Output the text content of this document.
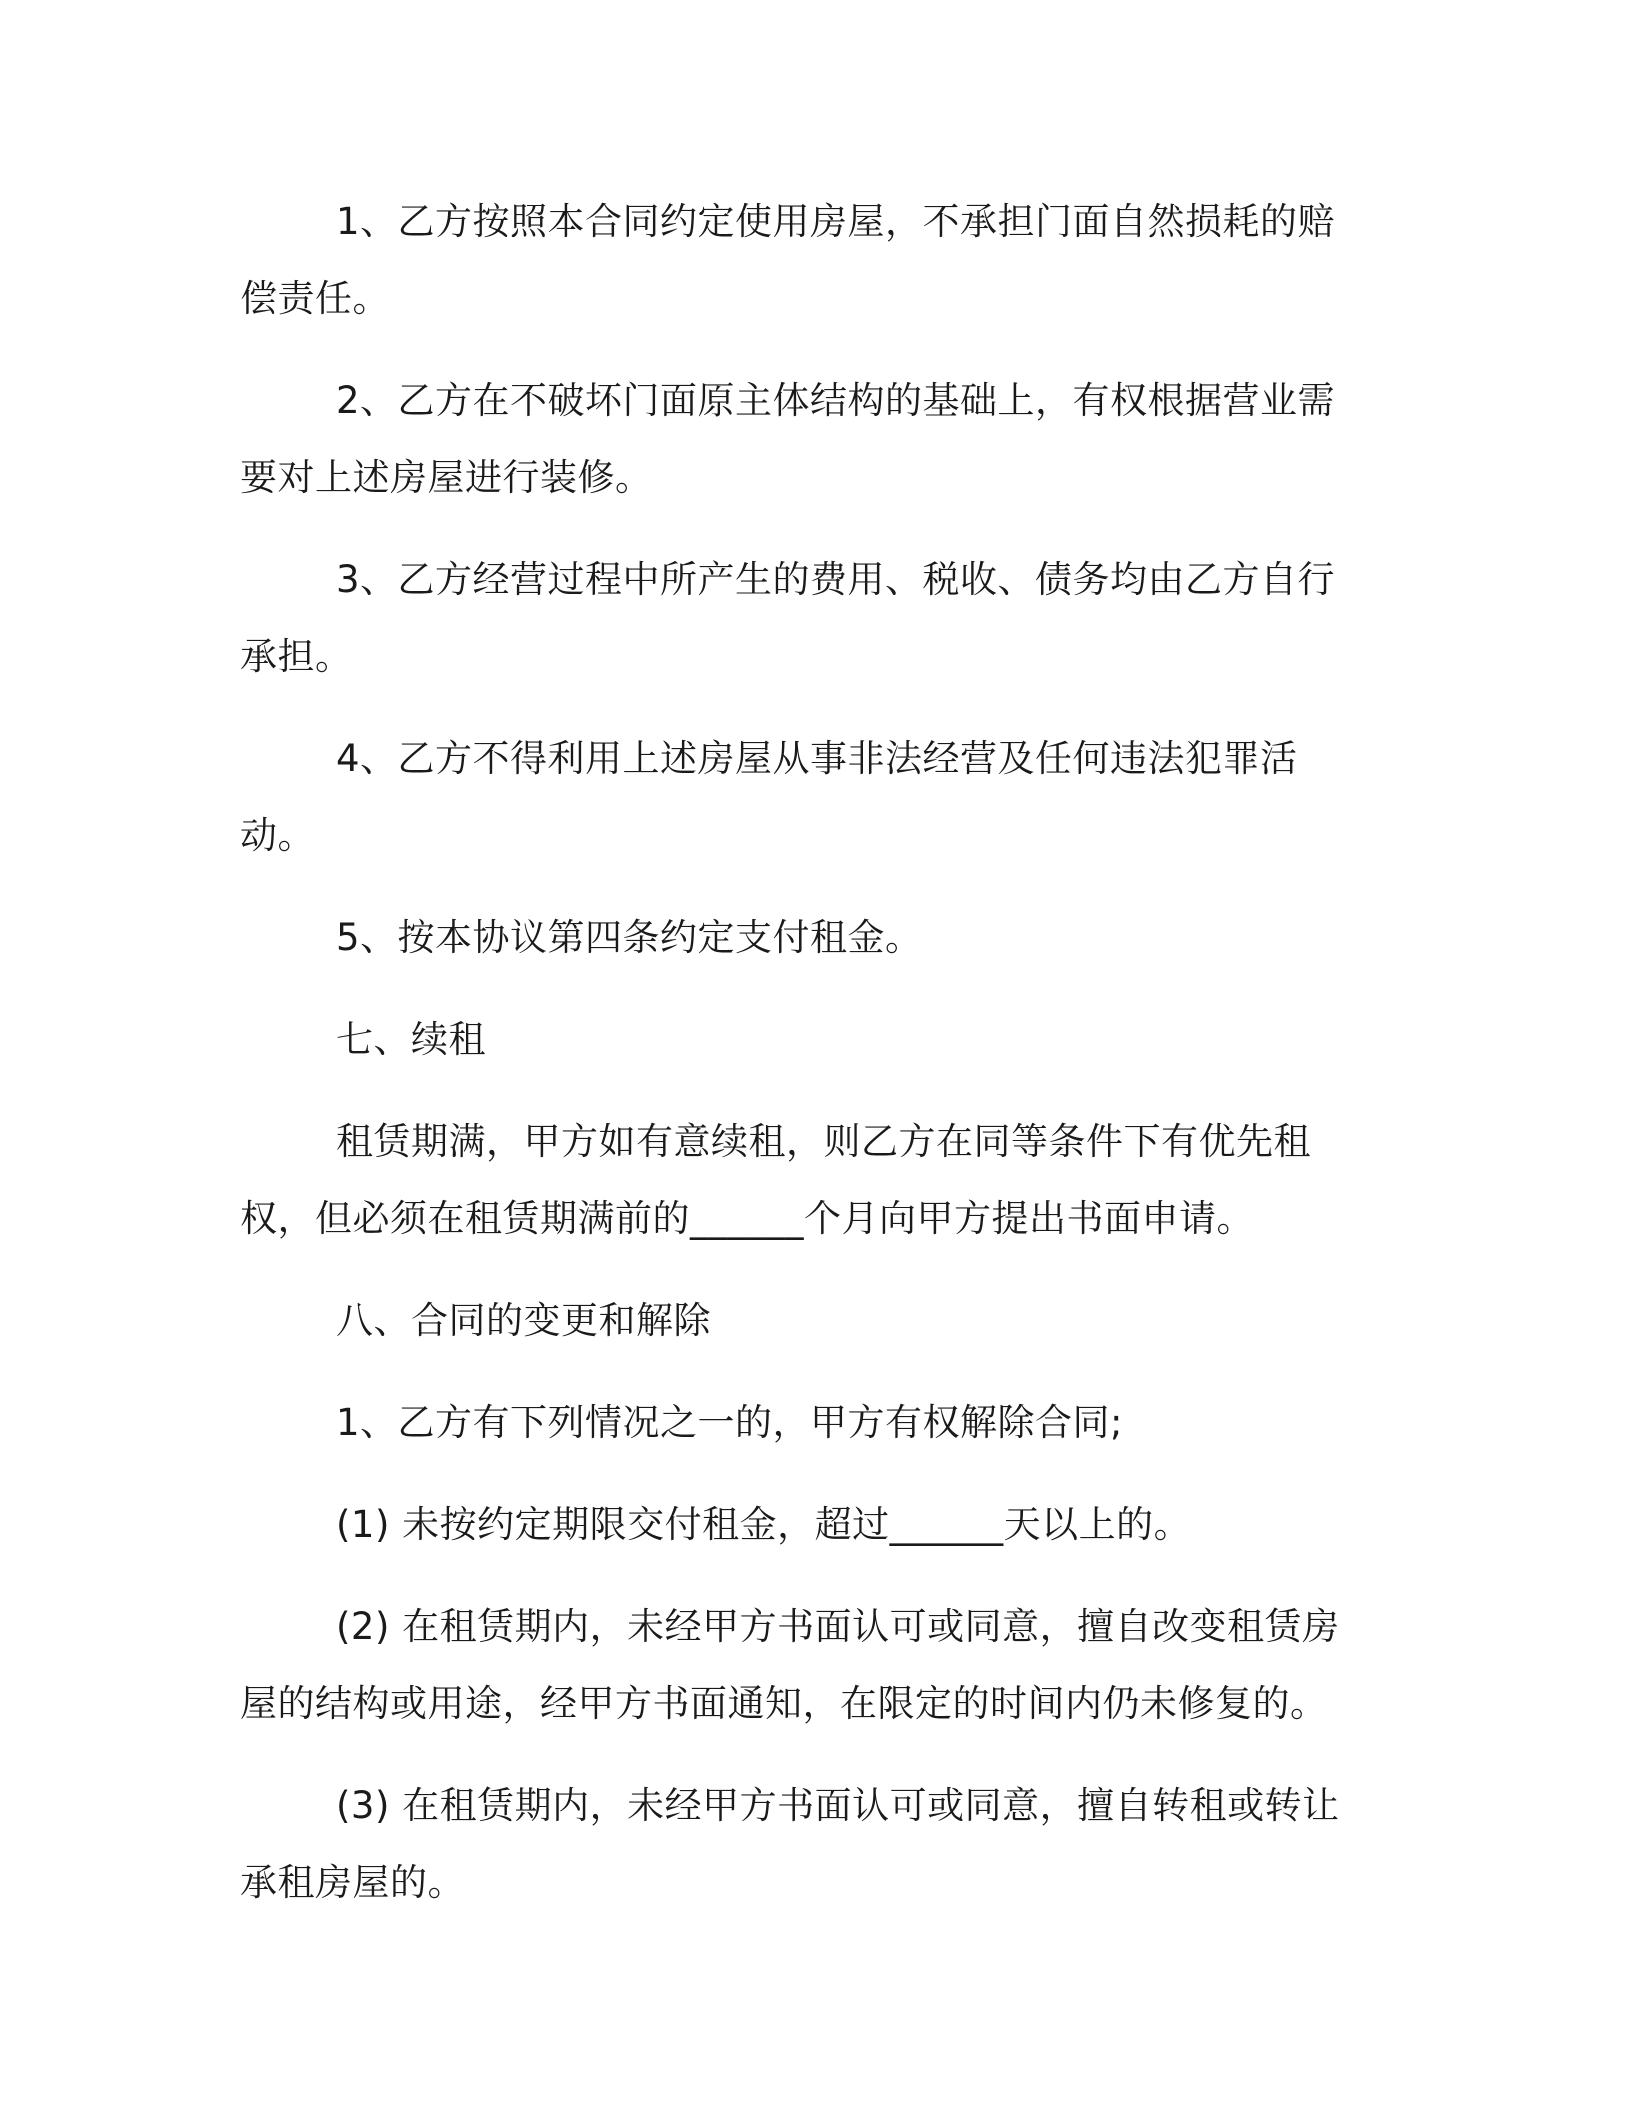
1、乙方按照本合同约定使用房屋，不承担门面自然损耗的赔偿责任。

2、乙方在不破坏门面原主体结构的基础上，有权根据营业需要对上述房屋进行装修。

3、乙方经营过程中所产生的费用、税收、债务均由乙方自行承担。

4、乙方不得利用上述房屋从事非法经营及任何违法犯罪活动。

5、按本协议第四条约定支付租金。

七、续租

租赁期满，甲方如有意续租，则乙方在同等条件下有优先租权，但必须在租赁期满前的______个月向甲方提出书面申请。

八、合同的变更和解除

1、乙方有下列情况之一的，甲方有权解除合同;

(1) 未按约定期限交付租金，超过______天以上的。

(2) 在租赁期内，未经甲方书面认可或同意，擅自改变租赁房屋的结构或用途，经甲方书面通知，在限定的时间内仍未修复的。

(3) 在租赁期内，未经甲方书面认可或同意，擅自转租或转让承租房屋的。
